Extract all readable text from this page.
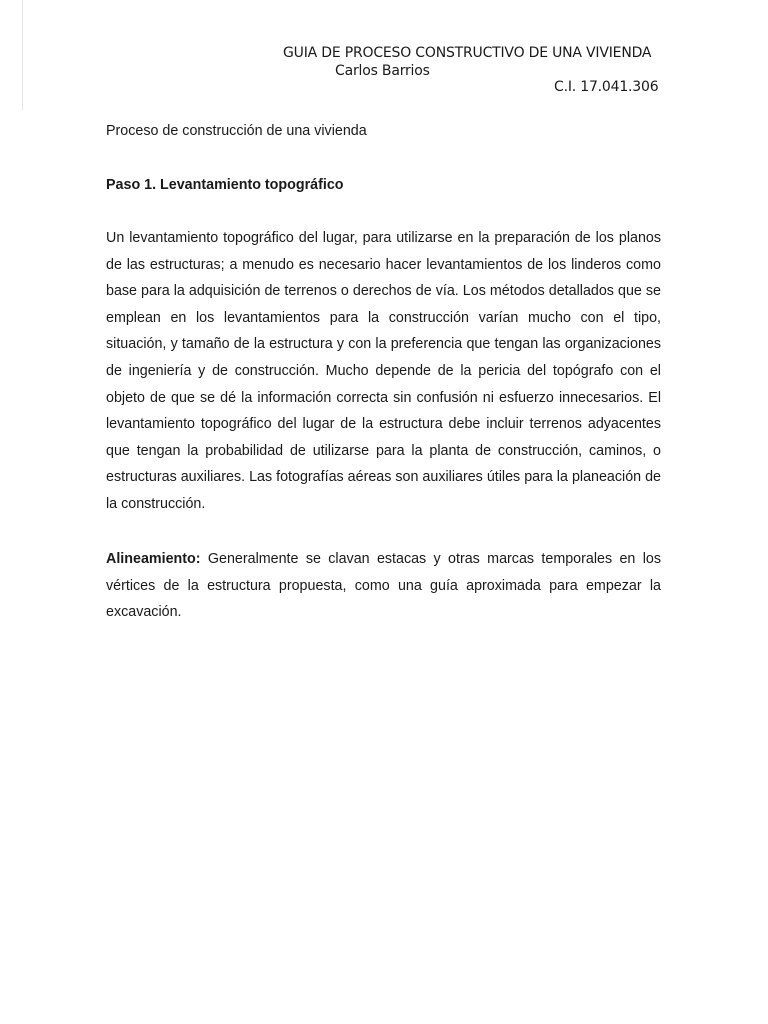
GUIA DE PROCESO CONSTRUCTIVO DE UNA VIVIENDA
Carlos Barrios
C.I. 17.041.306

Proceso de construcción de una vivienda

Paso 1. Levantamiento topográfico

Un levantamiento topográfico del lugar, para utilizarse en la preparación de los planos de las estructuras; a menudo es necesario hacer levantamientos de los linderos como base para la adquisición de terrenos o derechos de vía. Los métodos detallados que se emplean en los levantamientos para la construcción varían mucho con el tipo, situación, y tamaño de la estructura y con la preferencia que tengan las organizaciones de ingeniería y de construcción. Mucho depende de la pericia del topógrafo con el objeto de que se dé la información correcta sin confusión ni esfuerzo innecesarios. El levantamiento topográfico del lugar de la estructura debe incluir terrenos adyacentes que tengan la probabilidad de utilizarse para la planta de construcción, caminos, o estructuras auxiliares. Las fotografías aéreas son auxiliares útiles para la planeación de la construcción.

Alineamiento: Generalmente se clavan estacas y otras marcas temporales en los vértices de la estructura propuesta, como una guía aproximada para empezar la excavación.
